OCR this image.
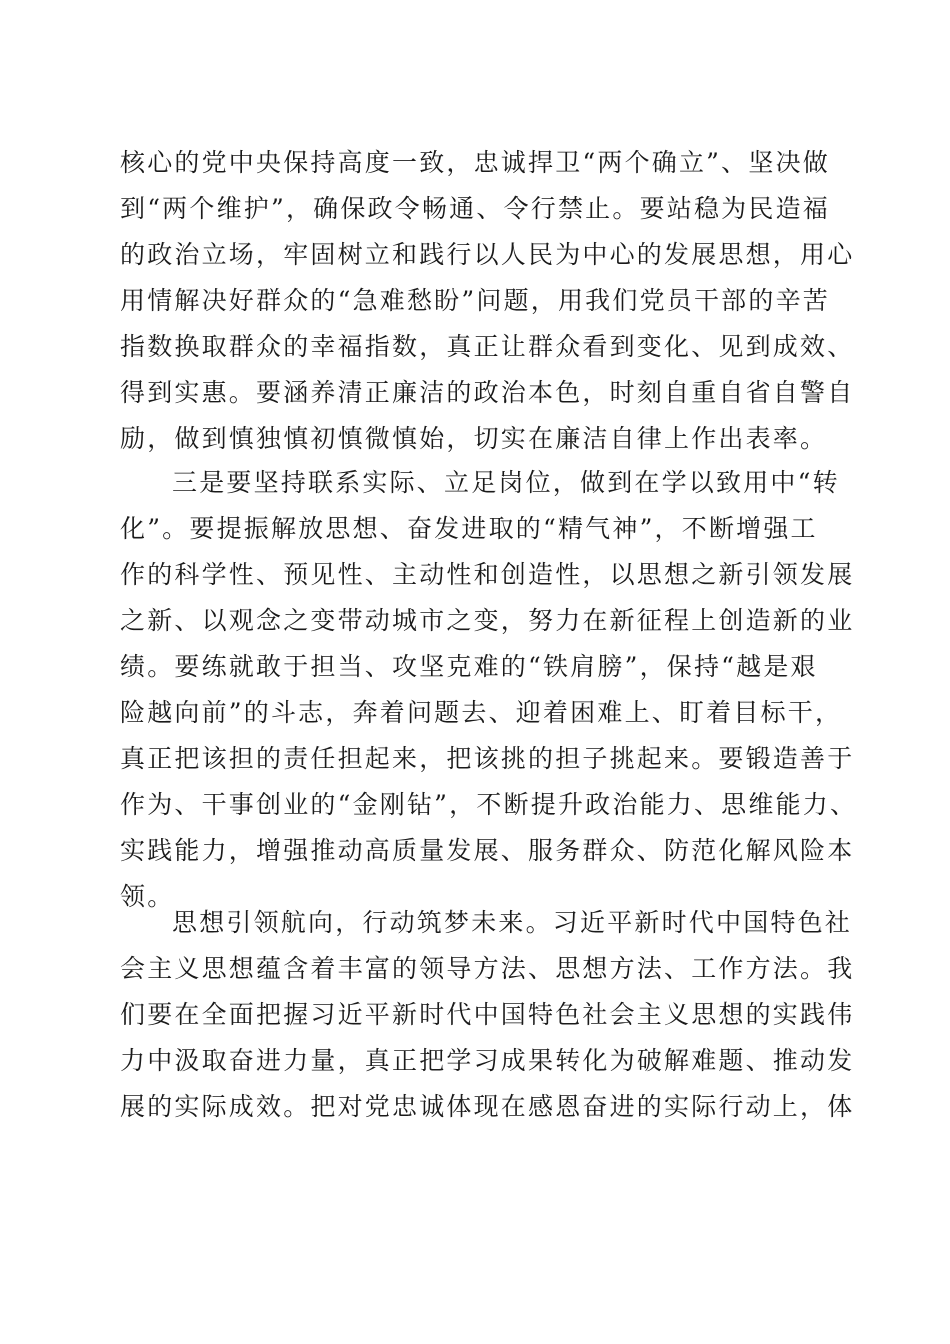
核心的党中央保持高度一致，忠诚捍卫“两个确立”、坚决做
到“两个维护”，确保政令畅通、令行禁止。要站稳为民造福
的政治立场，牢固树立和践行以人民为中心的发展思想，用心
用情解决好群众的“急难愁盼”问题，用我们党员干部的辛苦
指数换取群众的幸福指数，真正让群众看到变化、见到成效、
得到实惠。要涵养清正廉洁的政治本色，时刻自重自省自警自
励，做到慎独慎初慎微慎始，切实在廉洁自律上作出表率。
三是要坚持联系实际、立足岗位，做到在学以致用中“转
化”。要提振解放思想、奋发进取的“精气神”，不断增强工
作的科学性、预见性、主动性和创造性，以思想之新引领发展
之新、以观念之变带动城市之变，努力在新征程上创造新的业
绩。要练就敢于担当、攻坚克难的“铁肩膀”，保持“越是艰
险越向前”的斗志，奔着问题去、迎着困难上、盯着目标干，
真正把该担的责任担起来，把该挑的担子挑起来。要锻造善于
作为、干事创业的“金刚钻”，不断提升政治能力、思维能力、
实践能力，增强推动高质量发展、服务群众、防范化解风险本
领。
思想引领航向，行动筑梦未来。习近平新时代中国特色社
会主义思想蕴含着丰富的领导方法、思想方法、工作方法。我
们要在全面把握习近平新时代中国特色社会主义思想的实践伟
力中汲取奋进力量，真正把学习成果转化为破解难题、推动发
展的实际成效。把对党忠诚体现在感恩奋进的实际行动上，体
